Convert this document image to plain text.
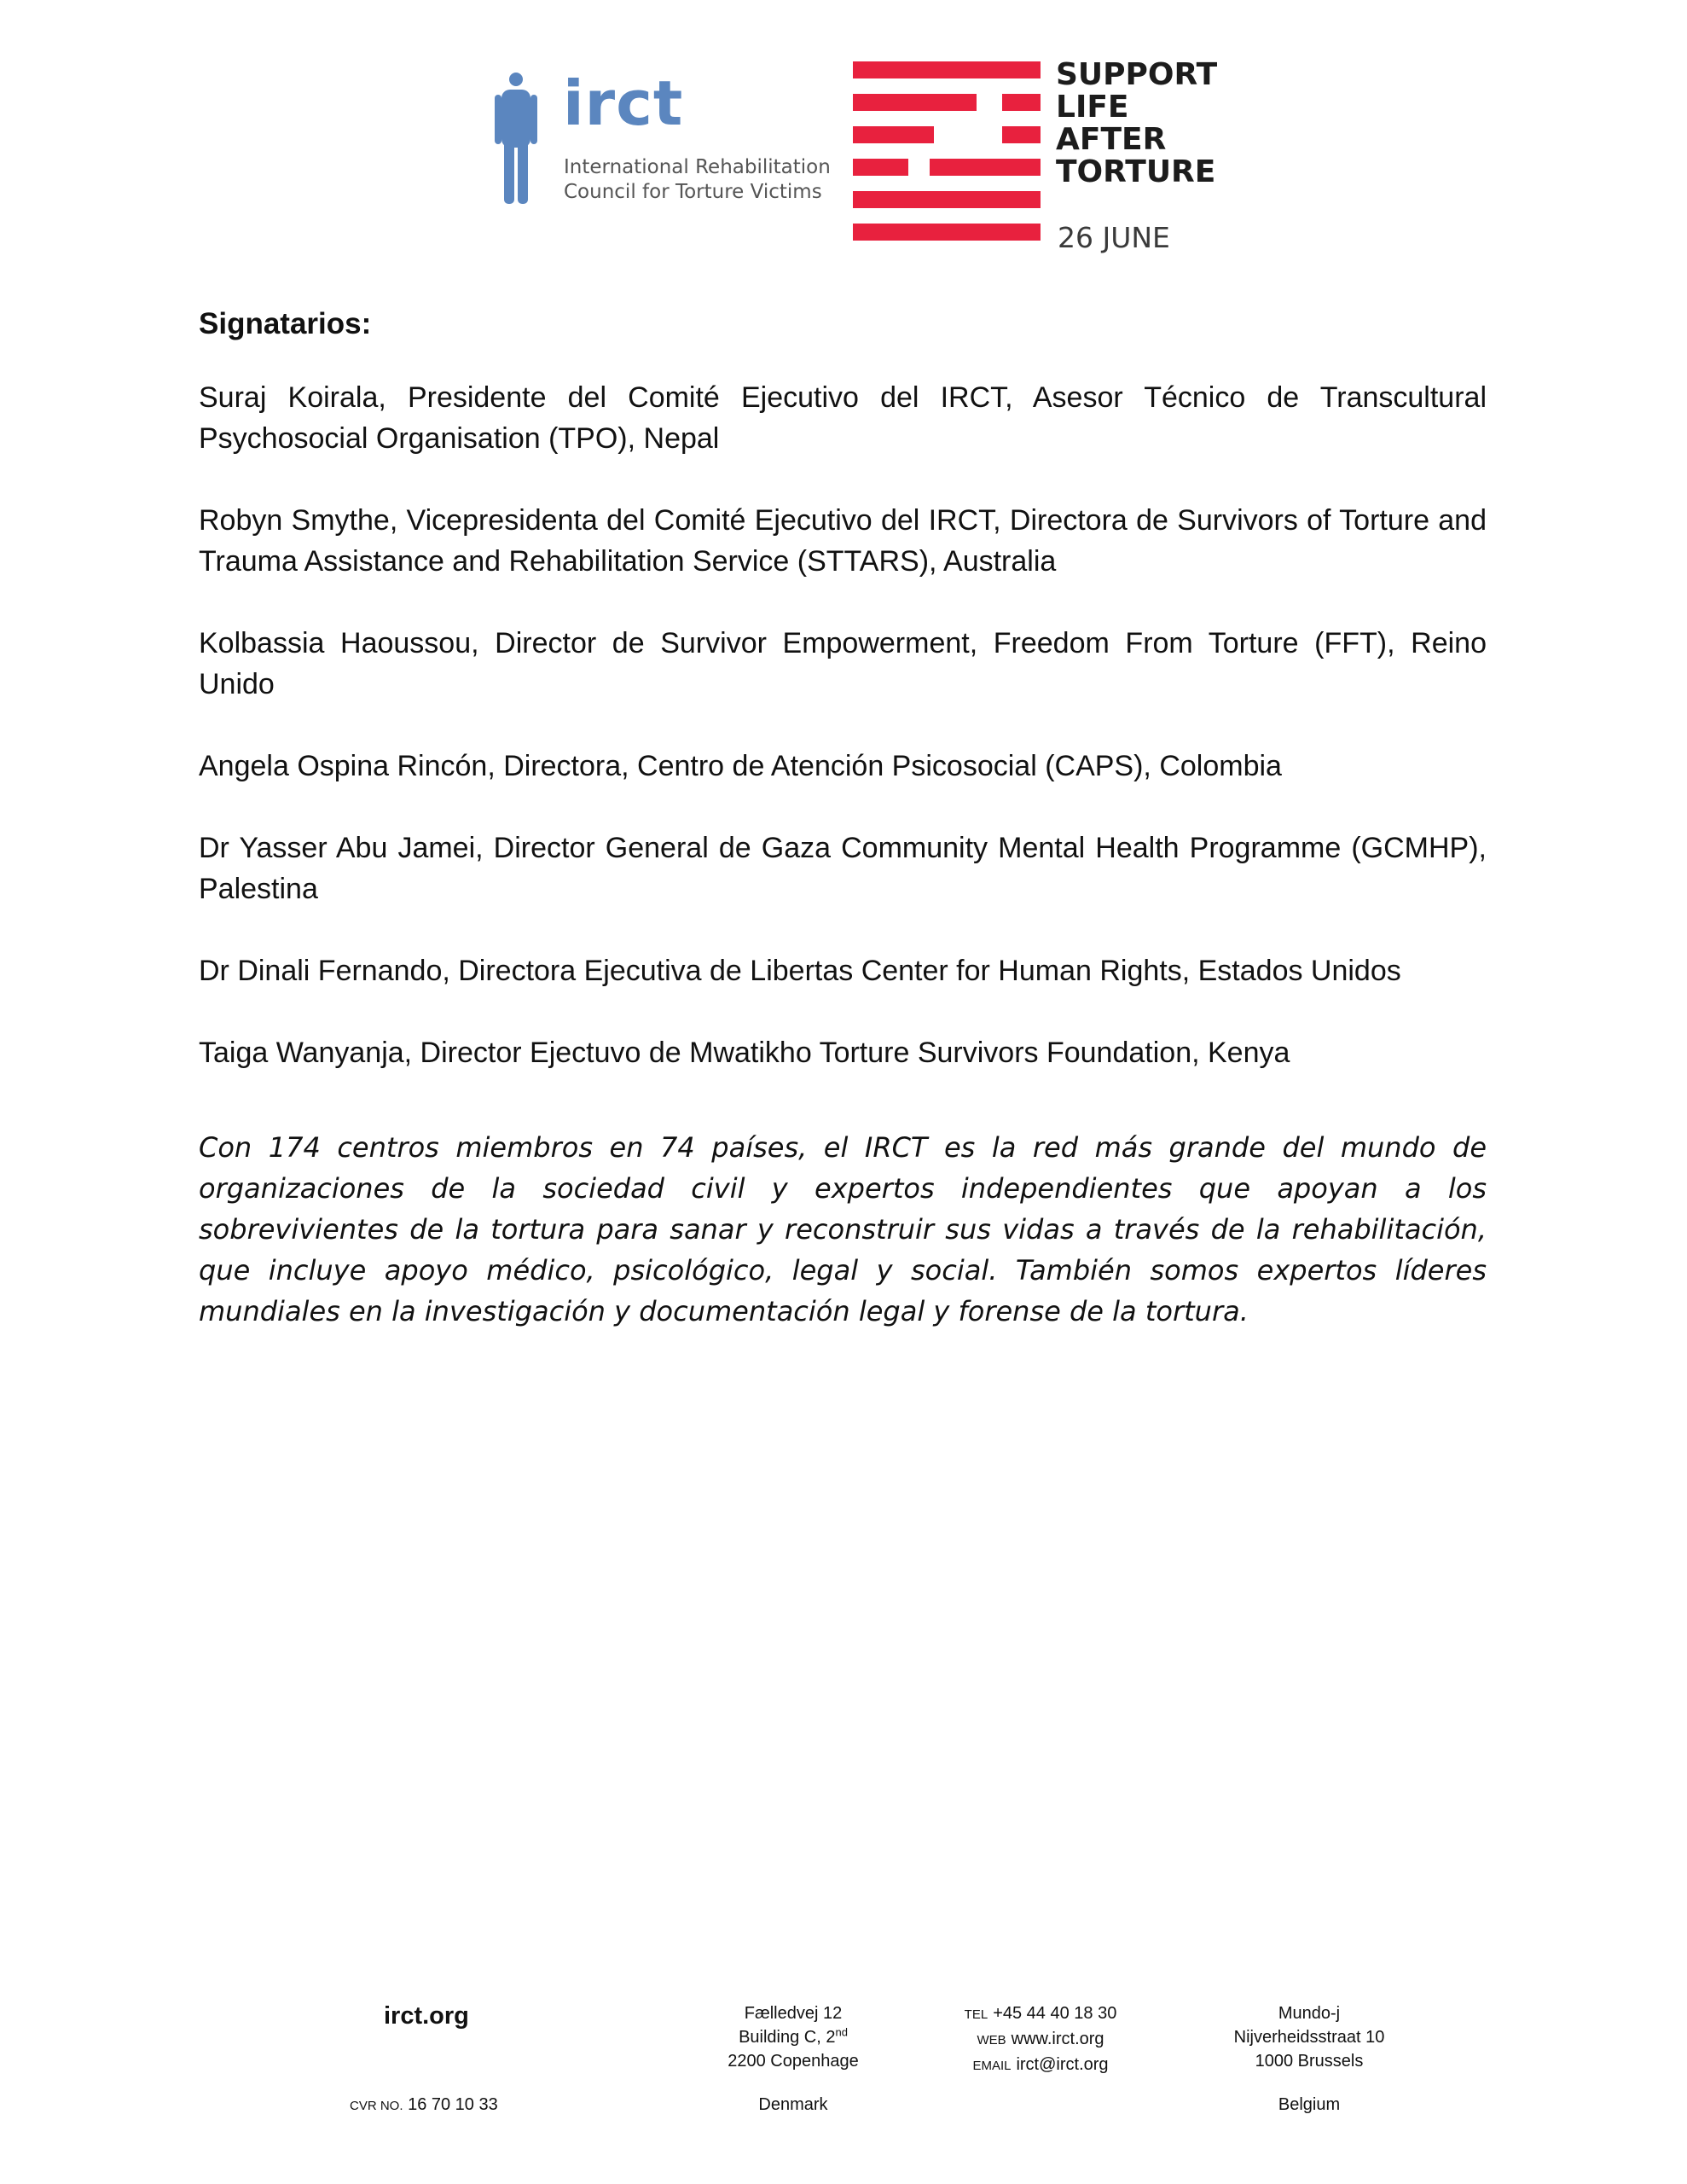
irct
International Rehabilitation
Council for Torture Victims
SUPPORT
LIFE
AFTER
TORTURE
26 JUNE
Signatarios:

Suraj Koirala, Presidente del Comité Ejecutivo del IRCT, Asesor Técnico de Transcultural Psychosocial Organisation (TPO), Nepal

Robyn Smythe, Vicepresidenta del Comité Ejecutivo del IRCT, Directora de Survivors of Torture and Trauma Assistance and Rehabilitation Service (STTARS), Australia

Kolbassia Haoussou, Director de Survivor Empowerment, Freedom From Torture (FFT), Reino Unido

Angela Ospina Rincón, Directora, Centro de Atención Psicosocial (CAPS), Colombia

Dr Yasser Abu Jamei, Director General de Gaza Community Mental Health Programme (GCMHP), Palestina

Dr Dinali Fernando, Directora Ejecutiva de Libertas Center for Human Rights, Estados Unidos

Taiga Wanyanja, Director Ejectuvo de Mwatikho Torture Survivors Foundation, Kenya

Con 174 centros miembros en 74 países, el IRCT es la red más grande del mundo de organizaciones de la sociedad civil y expertos independientes que apoyan a los sobrevivientes de la tortura para sanar y reconstruir sus vidas a través de la rehabilitación, que incluye apoyo médico, psicológico, legal y social. También somos expertos líderes mundiales en la investigación y documentación legal y forense de la tortura.

irct.org
CVR NO. 16 70 10 33
Fælledvej 12
Building C, 2nd
2200 Copenhage
Denmark
TEL +45 44 40 18 30
WEB www.irct.org
EMAIL irct@irct.org
Mundo-j
Nijverheidsstraat 10
1000 Brussels
Belgium
